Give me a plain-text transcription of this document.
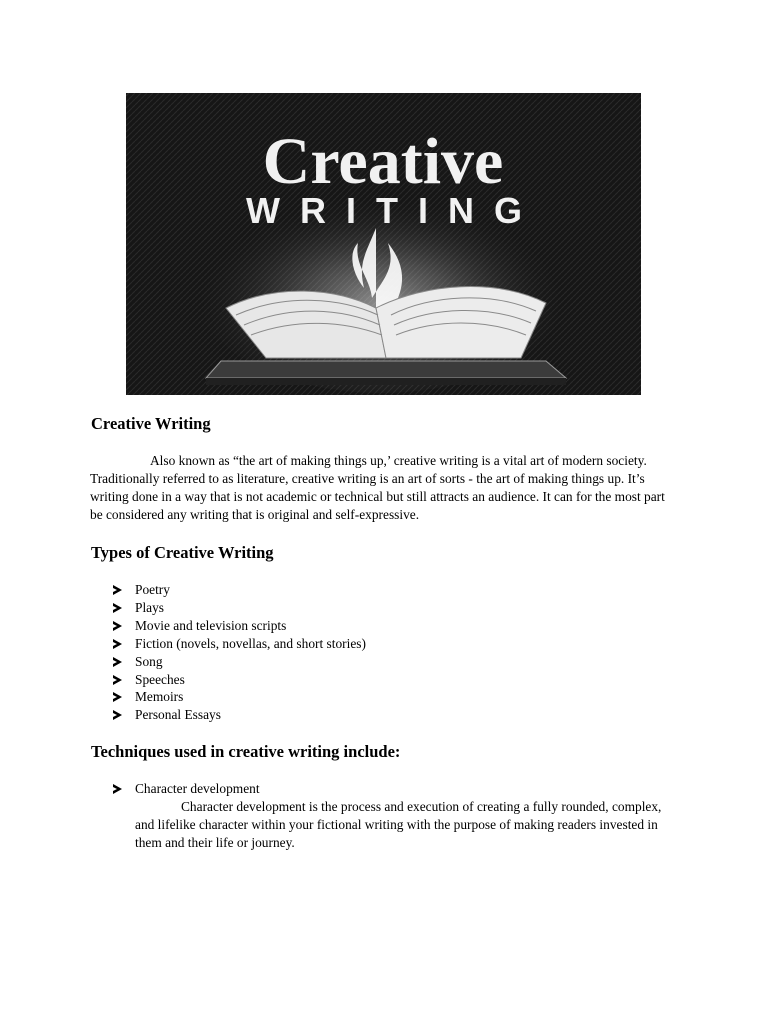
Creative
WRITING
Creative Writing

Also known as “the art of making things up,’ creative writing is a vital art of modern society. Traditionally referred to as literature, creative writing is an art of sorts - the art of making things up. It’s writing done in a way that is not academic or technical but still attracts an audience. It can for the most part be considered any writing that is original and self-expressive.

Types of Creative Writing
Poetry
Plays
Movie and television scripts
Fiction (novels, novellas, and short stories)
Song
Speeches
Memoirs
Personal Essays
Techniques used in creative writing include:
Character development

Character development is the process and execution of creating a fully rounded, complex, and lifelike character within your fictional writing with the purpose of making readers invested in them and their life or journey.
